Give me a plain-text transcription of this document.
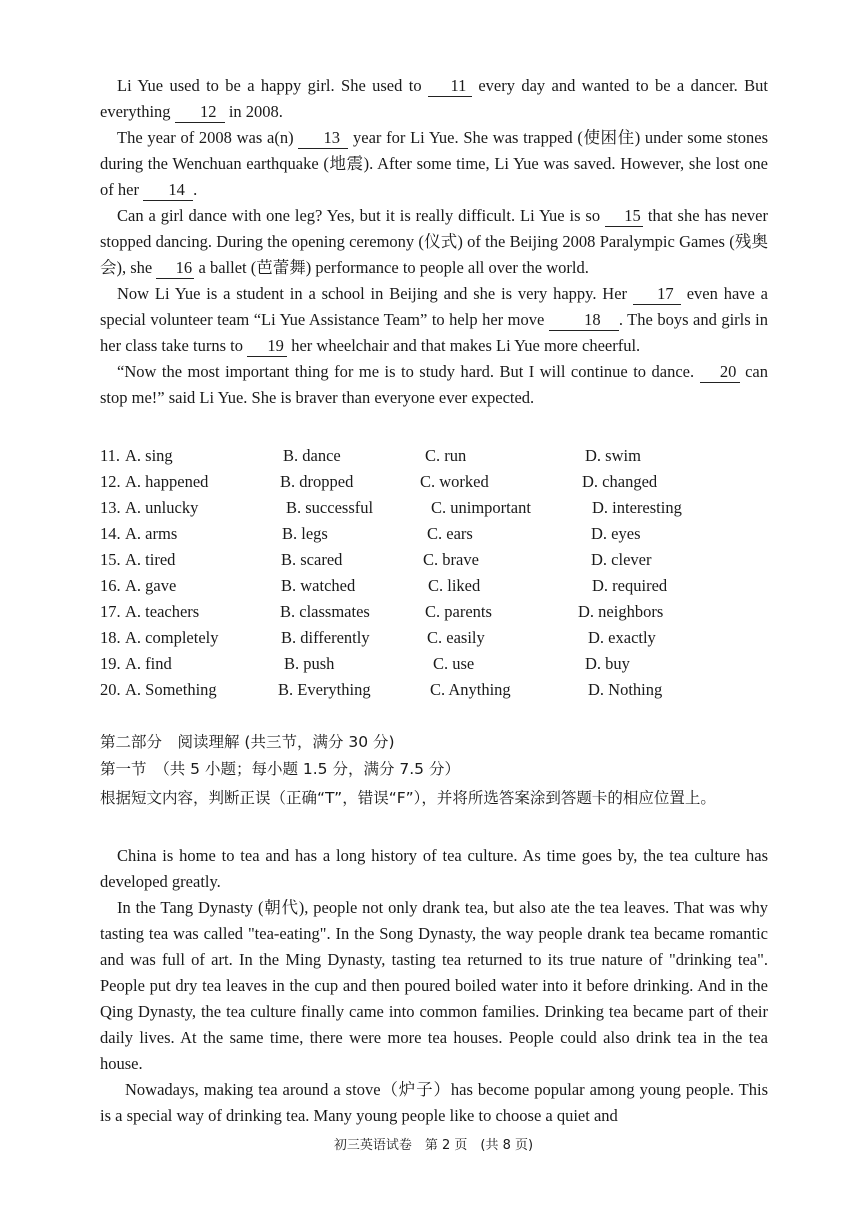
Li Yue used to be a happy girl. She used to 11 every day and wanted to be a dancer. But everything 12 in 2008.

The year of 2008 was a(n) 13 year for Li Yue. She was trapped (使困住) under some stones during the Wenchuan earthquake (地震). After some time, Li Yue was saved. However, she lost one of her 14 .

Can a girl dance with one leg? Yes, but it is really difficult. Li Yue is so 15 that she has never stopped dancing. During the opening ceremony (仪式) of the Beijing 2008 Paralympic Games (残奥会), she 16 a ballet (芭蕾舞) performance to people all over the world.

Now Li Yue is a student in a school in Beijing and she is very happy. Her 17 even have a special volunteer team “Li Yue Assistance Team” to help her move 18 . The boys and girls in her class take turns to 19 her wheelchair and that makes Li Yue more cheerful.

“Now the most important thing for me is to study hard. But I will continue to dance. 20 can stop me!” said Li Yue. She is braver than everyone ever expected.

11. A. sing	B. dance	C. run	D. swim
12. A. happened	B. dropped	C. worked	D. changed
13. A. unlucky	B. successful	C. unimportant	D. interesting
14. A. arms	B. legs	C. ears	D. eyes
15. A. tired	B. scared	C. brave	D. clever
16. A. gave	B. watched	C. liked	D. required
17. A. teachers	B. classmates	C. parents	D. neighbors
18. A. completely	B. differently	C. easily	D. exactly
19. A. find	B. push	C. use	D. buy
20. A. Something	B. Everything	C. Anything	D. Nothing
第二部分　阅读理解 (共三节，满分 30 分)
第一节　（共 5 小题；每小题 1.5 分，满分 7.5 分）
根据短文内容，判断正误（正确“T”，错误“F”），并将所选答案涂到答题卡的相应位置上。

China is home to tea and has a long history of tea culture. As time goes by, the tea culture has developed greatly.

In the Tang Dynasty (朝代), people not only drank tea, but also ate the tea leaves. That was why tasting tea was called "tea-eating". In the Song Dynasty, the way people drank tea became romantic and was full of art. In the Ming Dynasty, tasting tea returned to its true nature of "drinking tea". People put dry tea leaves in the cup and then poured boiled water into it before drinking. And in the Qing Dynasty, the tea culture finally came into common families. Drinking tea became part of their daily lives. At the same time, there were more tea houses. People could also drink tea in the tea house.

Nowadays, making tea around a stove（炉子）has become popular among young people. This is a special way of drinking tea. Many young people like to choose a quiet and

初三英语试卷　第 2 页　(共 8 页)
